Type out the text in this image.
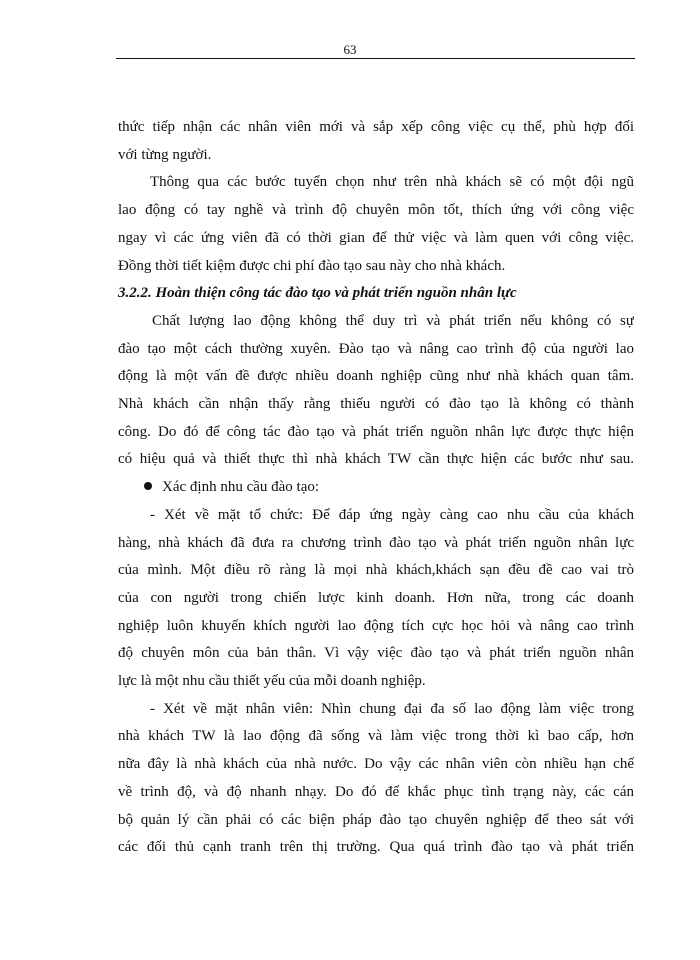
63
thức tiếp nhận các nhân viên mới và sắp xếp công việc cụ thể, phù hợp đối
với từng người.
Thông qua các bước tuyển chọn như trên nhà khách sẽ có một đội ngũ
lao động có tay nghề và trình độ chuyên môn tốt, thích ứng với công việc
ngay vì các ứng viên đã có thời gian để thử việc và làm quen với công việc.
Đồng thời tiết kiệm được chi phí đào tạo sau này cho nhà khách.
3.2.2. Hoàn thiện công tác đào tạo và phát triển nguồn nhân lực
Chất lượng lao động không thể duy trì và phát triển nếu không có sự
đào tạo một cách thường xuyên. Đào tạo và nâng cao trình độ của người lao
động là một vấn đề được nhiều doanh nghiệp cũng như nhà khách quan tâm.
Nhà khách cần nhận thấy rằng thiếu người có đào tạo là không có thành
công. Do đó để công tác đào tạo và phát triển nguồn nhân lực được thực hiện
có hiệu quả và thiết thực thì nhà khách TW cần thực hiện các bước như sau.
Xác định nhu cầu đào tạo:
- Xét về mặt tổ chức: Để đáp ứng ngày càng cao nhu cầu của khách
hàng, nhà khách đã đưa ra chương trình đào tạo và phát triển nguồn nhân lực
của mình. Một điều rõ ràng là mọi nhà khách,khách sạn đều đề cao vai trò
của con người trong chiến lược kinh doanh. Hơn nữa, trong các doanh
nghiệp luôn khuyến khích người lao động tích cực học hỏi và nâng cao trình
độ chuyên môn của bản thân. Vì vậy việc đào tạo và phát triển nguồn nhân
lực là một nhu cầu thiết yếu của mỗi doanh nghiệp.
- Xét về mặt nhân viên: Nhìn chung đại đa số lao động làm việc trong
nhà khách TW là lao động đã sống và làm việc trong thời kì bao cấp, hơn
nữa đây là nhà khách của nhà nước. Do vậy các nhân viên còn nhiều hạn chế
về trình độ, và độ nhanh nhạy. Do đó để khắc phục tình trạng này, các cán
bộ quản lý cần phải có các biện pháp đào tạo chuyên nghiệp để theo sát với
các đối thủ cạnh tranh trên thị trường. Qua quá trình đào tạo và phát triển
